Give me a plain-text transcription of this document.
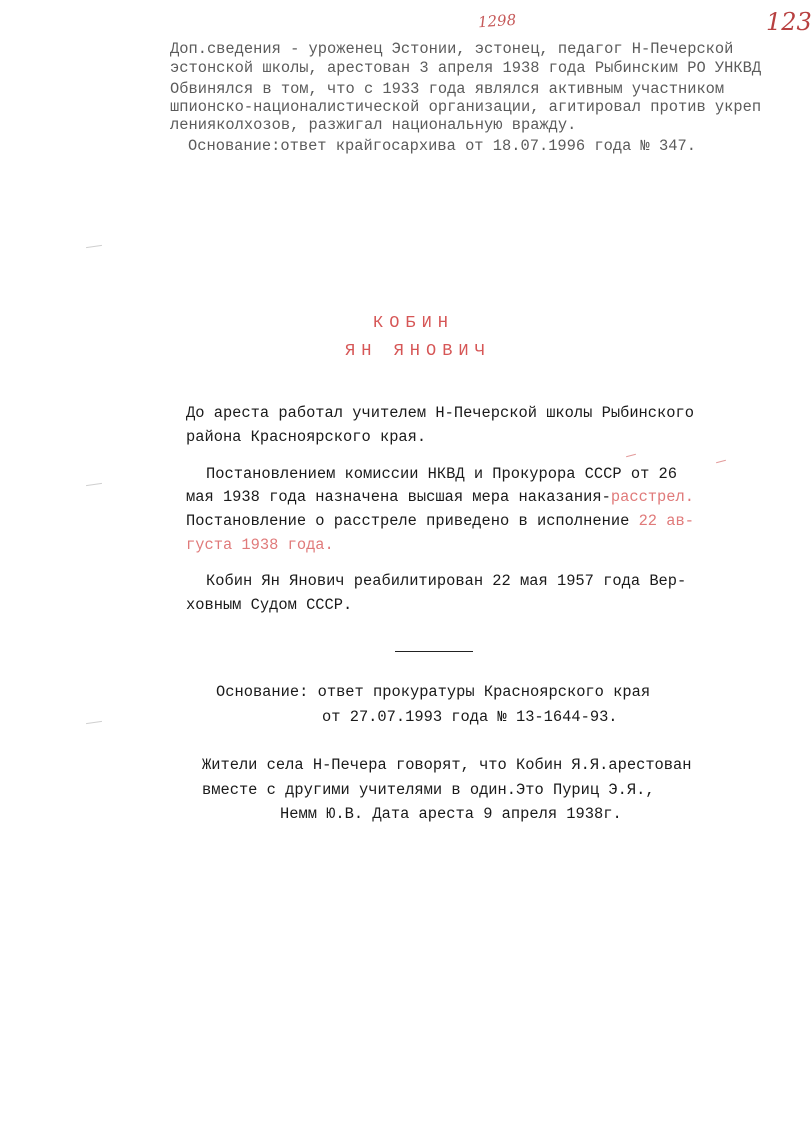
1298	123
Доп.сведения - уроженец Эстонии, эстонец, педагог Н-Печерской
эстонской школы, арестован 3 апреля 1938 года Рыбинским РО УНКВД
Обвинялся в том, что с 1933 года являлся активным участником
шпионско-националистической организации, агитировал против укреп
ленияколхозов, разжигал национальную вражду.
Основание:ответ крайгосархива от 18.07.1996 года № 347.
КОБИН
ЯН ЯНОВИЧ
До ареста работал учителем Н-Печерской школы Рыбинского
района Красноярского края.
Постановлением комиссии НКВД и Прокурора СССР от 26
мая 1938 года назначена высшая мера наказания-расстрел.
Постановление о расстреле приведено в исполнение 22 ав-
густа 1938 года.
Кобин Ян Янович реабилитирован 22 мая 1957 года Вер-
ховным Судом СССР.
Основание: ответ прокуратуры Красноярского края
от 27.07.1993 года № 13-1644-93.
Жители села Н-Печера говорят, что Кобин Я.Я.арестован
вместе с другими учителями в один.Это Пуриц Э.Я.,
Немм Ю.В. Дата ареста 9 апреля 1938г.
